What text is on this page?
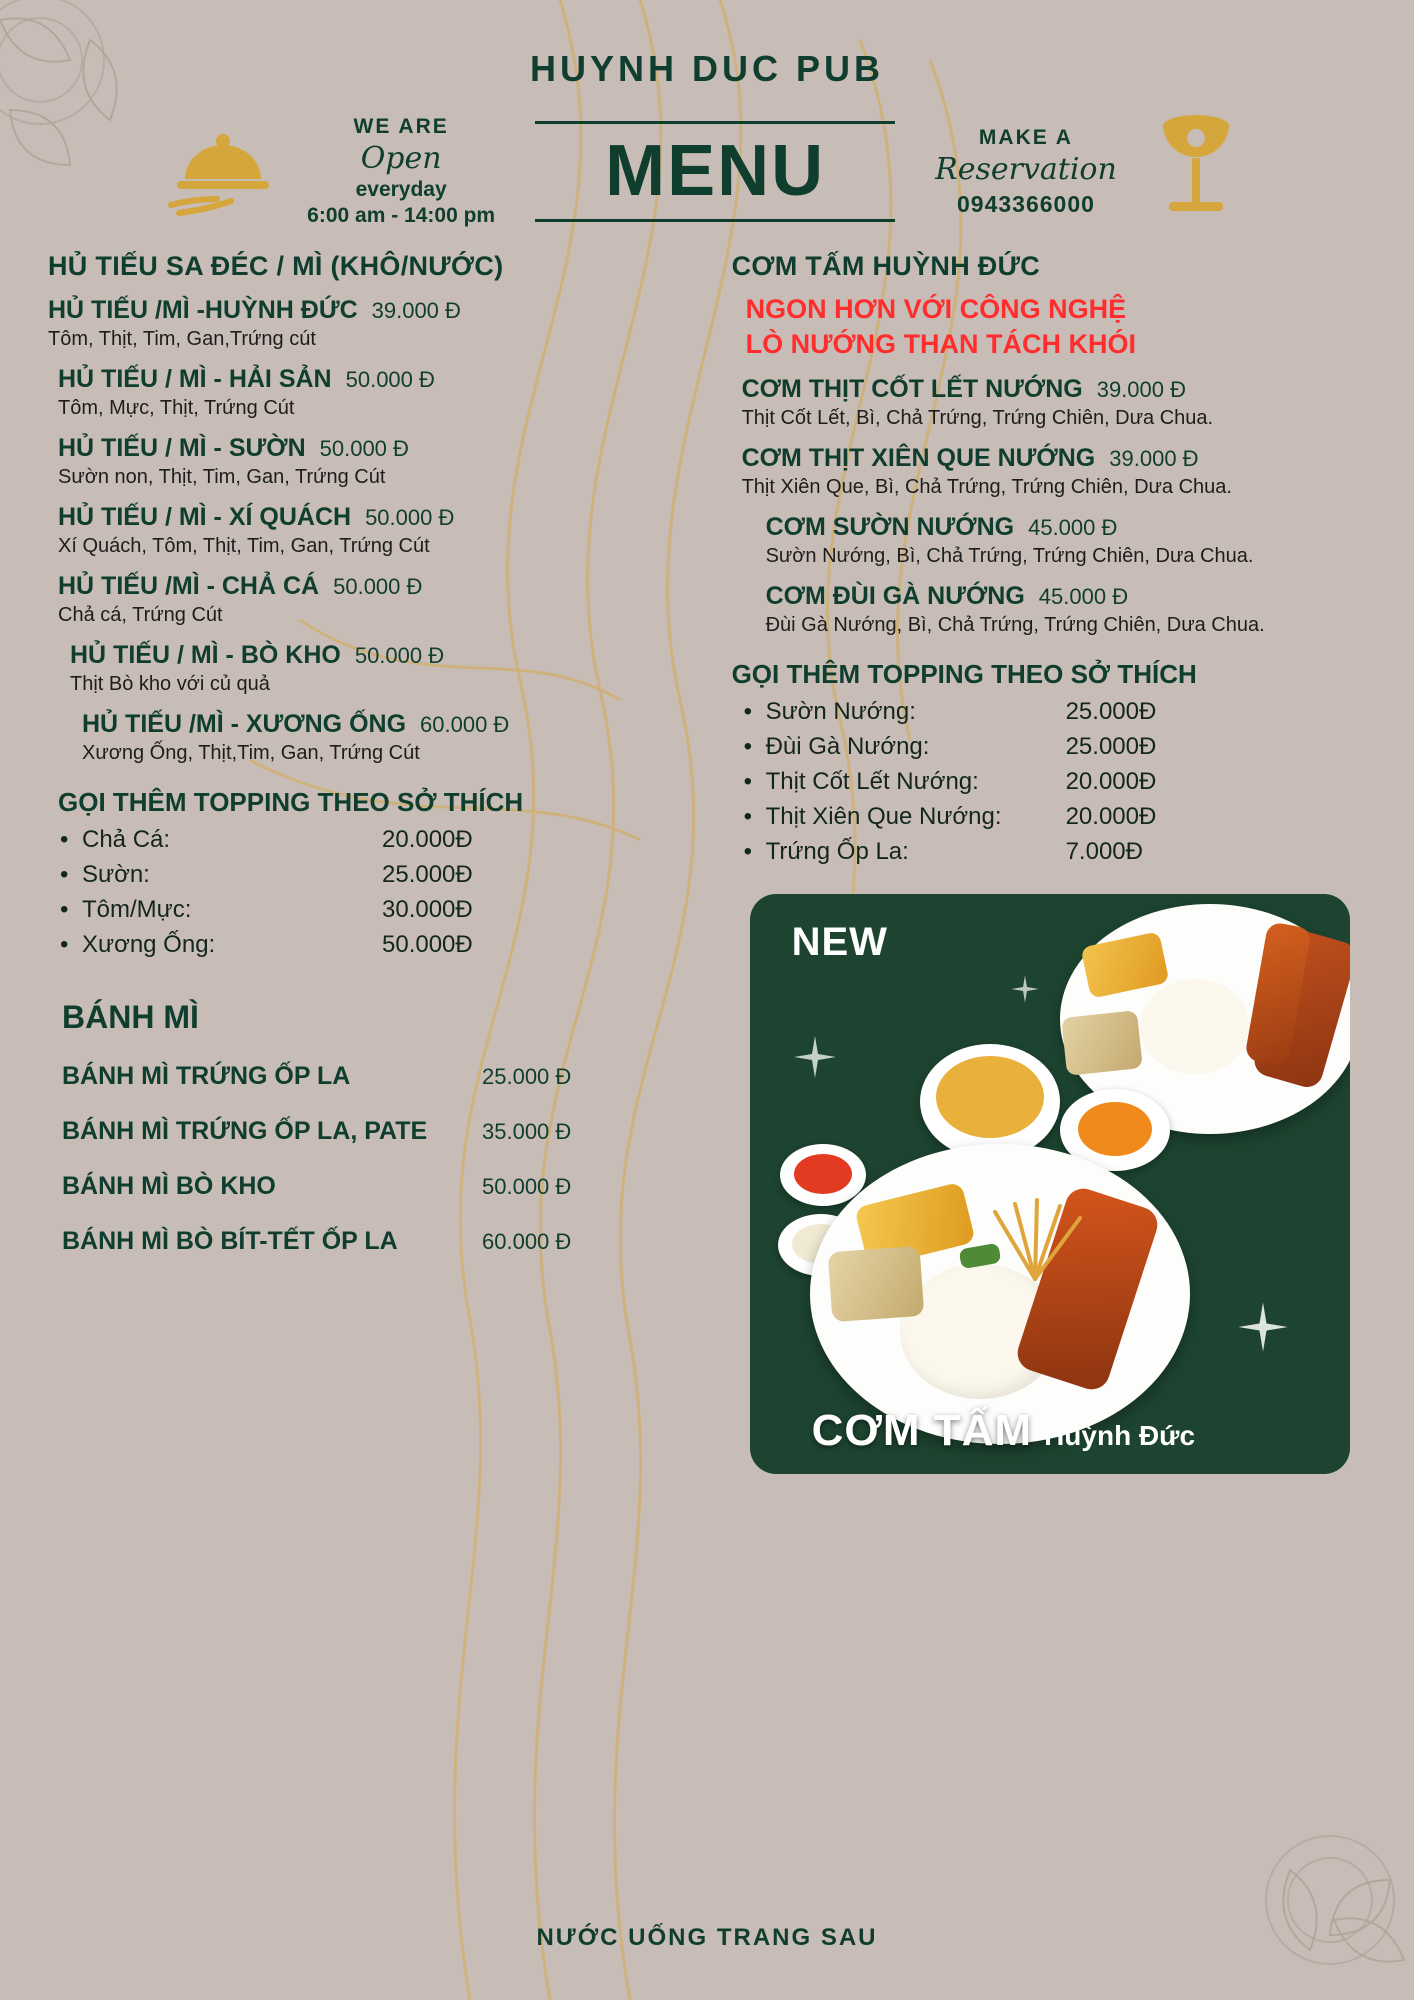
HUYNH DUC PUB
WE ARE
Open
everyday
6:00 am - 14:00 pm
MENU	MAKE A
Reservation
0943366000
HỦ TIẾU SA ĐÉC / MÌ (KHÔ/NƯỚC)
HỦ TIẾU /MÌ -HUỲNH ĐỨC 39.000 Đ
Tôm, Thịt, Tim, Gan,Trứng cút
HỦ TIẾU / MÌ - HẢI SẢN 50.000 Đ
Tôm, Mực, Thịt, Trứng Cút
HỦ TIẾU / MÌ - SƯỜN 50.000 Đ
Sườn non, Thịt, Tim, Gan, Trứng Cút
HỦ TIẾU / MÌ - XÍ QUÁCH 50.000 Đ
Xí Quách, Tôm, Thịt, Tim, Gan, Trứng Cút
HỦ TIẾU /MÌ - CHẢ CÁ 50.000 Đ
Chả cá, Trứng Cút
HỦ TIẾU / MÌ - BÒ KHO 50.000 Đ
Thịt Bò kho với củ quả
HỦ TIẾU /MÌ - XƯƠNG ỐNG 60.000 Đ
Xương Ống, Thịt,Tim, Gan, Trứng Cút
GỌI THÊM TOPPING THEO SỞ THÍCH
• Chả Cá:	20.000Đ
• Sườn:	25.000Đ
• Tôm/Mực:	30.000Đ
• Xương Ống:	50.000Đ
BÁNH MÌ
BÁNH MÌ TRỨNG ỐP LA	25.000 Đ
BÁNH MÌ TRỨNG ỐP LA, PATE	35.000 Đ
BÁNH MÌ BÒ KHO	50.000 Đ
BÁNH MÌ BÒ BÍT-TẾT ỐP LA	60.000 Đ
CƠM TẤM HUỲNH ĐỨC
NGON HƠN VỚI CÔNG NGHỆ
LÒ NƯỚNG THAN TÁCH KHÓI
CƠM THỊT CỐT LẾT NƯỚNG 39.000 Đ
Thịt Cốt Lết, Bì, Chả Trứng, Trứng Chiên, Dưa Chua.
CƠM THỊT XIÊN QUE NƯỚNG 39.000 Đ
Thịt Xiên Que, Bì, Chả Trứng, Trứng Chiên, Dưa Chua.
CƠM SƯỜN NƯỚNG 45.000 Đ
Sườn Nướng, Bì, Chả Trứng, Trứng Chiên, Dưa Chua.
CƠM ĐÙI GÀ NƯỚNG 45.000 Đ
Đùi Gà Nướng, Bì, Chả Trứng, Trứng Chiên, Dưa Chua.
GỌI THÊM TOPPING THEO SỞ THÍCH
• Sườn Nướng:	25.000Đ
• Đùi Gà Nướng:	25.000Đ
• Thịt Cốt Lết Nướng:	20.000Đ
• Thịt Xiên Que Nướng:	20.000Đ
• Trứng Ốp La:	7.000Đ
NEW
CƠM TẤM Huỳnh Đức
NƯỚC UỐNG TRANG SAU
